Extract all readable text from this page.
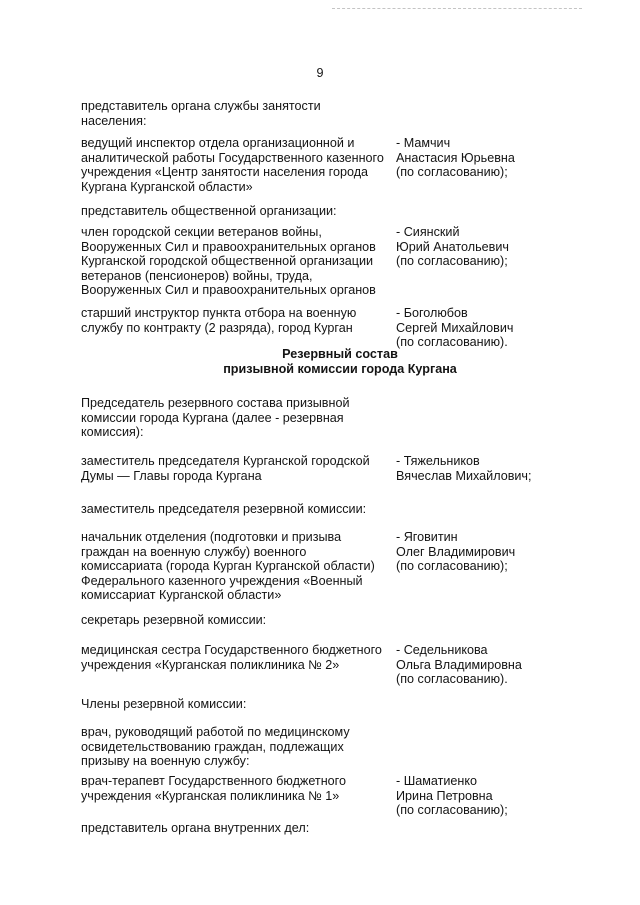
9
представитель органа службы занятости
населения:
ведущий инспектор отдела организационной и
аналитической работы Государственного казенного
учреждения «Центр занятости населения города
Кургана Курганской области»
- Мамчич
Анастасия Юрьевна
(по согласованию);
представитель общественной организации:
член городской секции ветеранов войны,
Вооруженных Сил и правоохранительных органов
Курганской городской общественной организации
ветеранов (пенсионеров) войны, труда,
Вооруженных Сил и правоохранительных органов
- Сиянский
Юрий Анатольевич
(по согласованию);
старший инструктор пункта отбора на военную
службу по контракту (2 разряда), город Курган
- Боголюбов
Сергей Михайлович
(по согласованию).
Резервный состав
призывной комиссии города Кургана
Председатель резервного состава призывной
комиссии города Кургана (далее - резервная
комиссия):
заместитель председателя Курганской городской
Думы — Главы города Кургана
- Тяжельников
Вячеслав Михайлович;
заместитель председателя резервной комиссии:
начальник отделения (подготовки и призыва
граждан на военную службу) военного
комиссариата (города Курган Курганской области)
Федерального казенного учреждения «Военный
комиссариат Курганской области»
- Яговитин
Олег Владимирович
(по согласованию);
секретарь резервной комиссии:
медицинская сестра Государственного бюджетного
учреждения «Курганская поликлиника № 2»
- Седельникова
Ольга Владимировна
(по согласованию).
Члены резервной комиссии:
врач, руководящий работой по медицинскому
освидетельствованию граждан, подлежащих
призыву на военную службу:
врач-терапевт Государственного бюджетного
учреждения «Курганская поликлиника № 1»
- Шаматиенко
Ирина Петровна
(по согласованию);
представитель органа внутренних дел:
